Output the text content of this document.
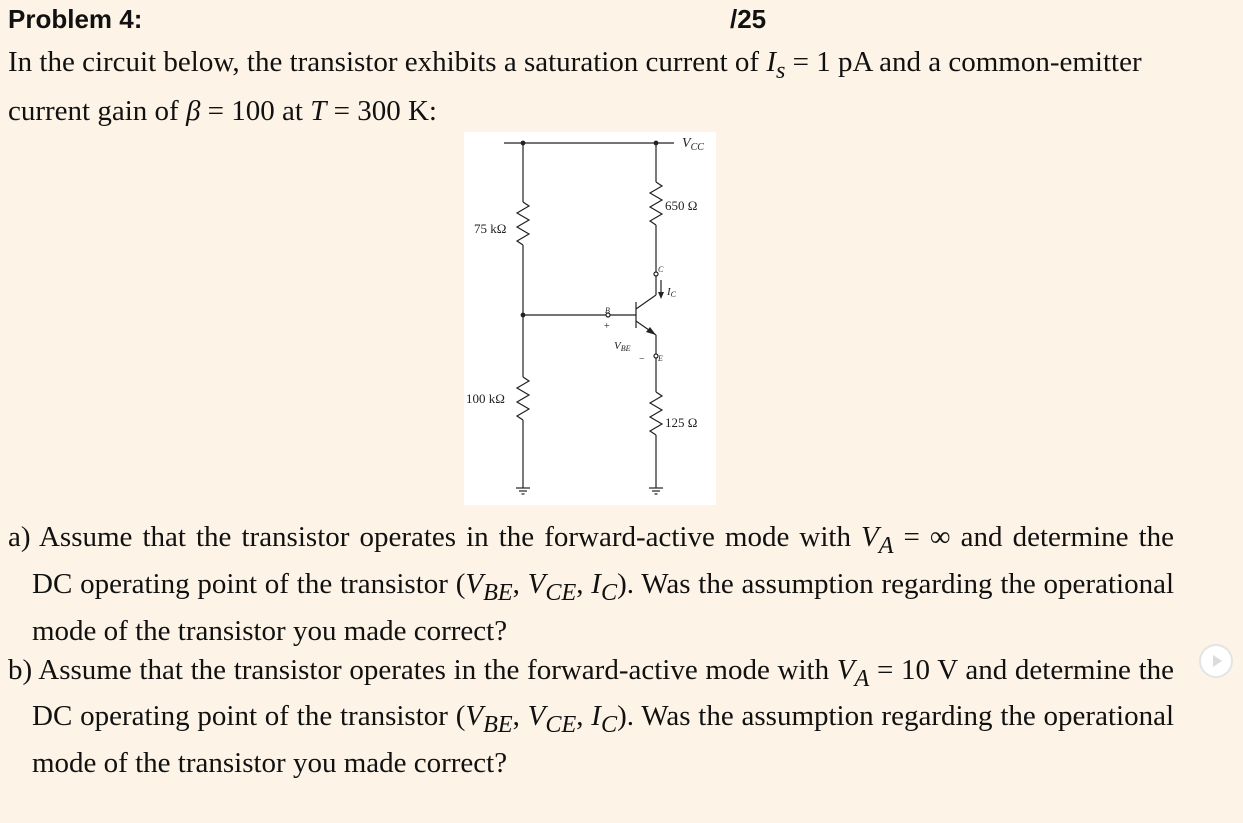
Problem 4:	/25
In the circuit below, the transistor exhibits a saturation current of $I_s = 1$ pA and a common-emitter current gain of β = 100 at T = 300 K:
$V_{CC}$
650 Ω
75 kΩ
100 kΩ
125 Ω
IC
VBE
B
C
E
+
−
a) Assume that the transistor operates in the forward-active mode with $V_A$ = ∞ and determine the DC operating point of the transistor ($V_{BE}$, $V_{CE}$, $I_C$). Was the assumption regarding the operational mode of the transistor you made correct?
b) Assume that the transistor operates in the forward-active mode with $V_A = 10$ V and determine the DC operating point of the transistor ($V_{BE}$, $V_{CE}$, $I_C$). Was the assumption regarding the operational mode of the transistor you made correct?
